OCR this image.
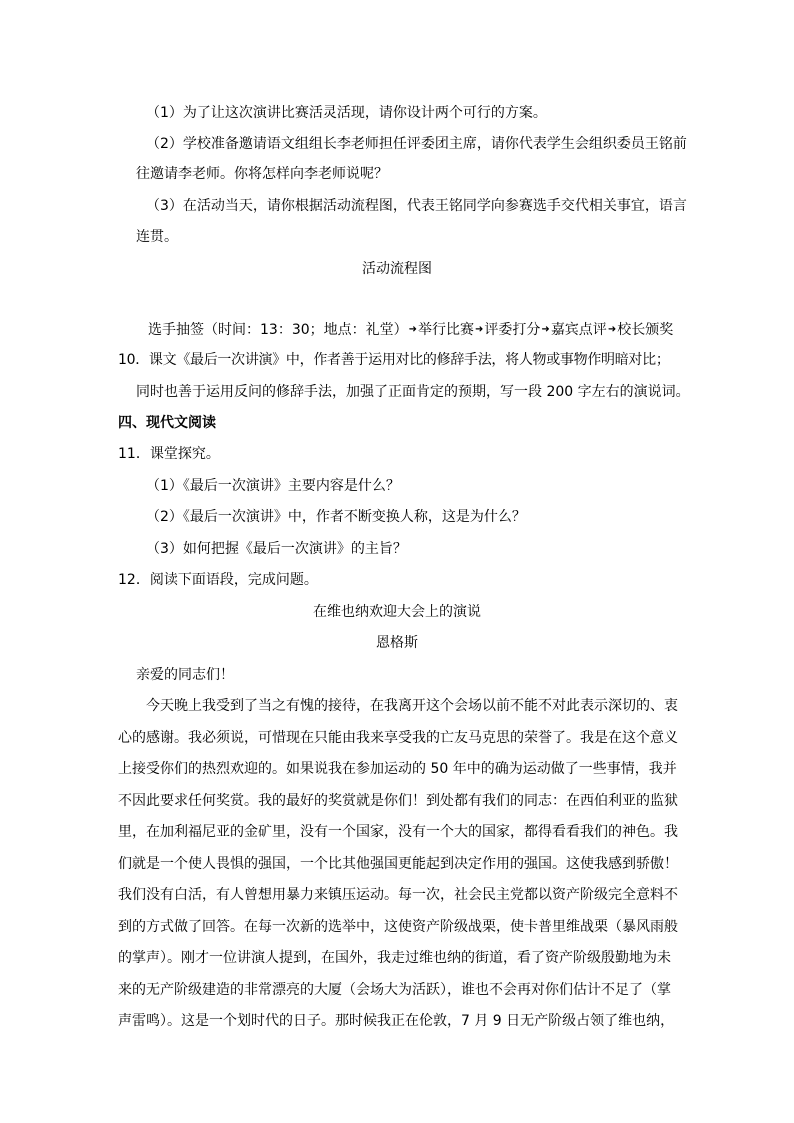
（1）为了让这次演讲比赛活灵活现，请你设计两个可行的方案。
（2）学校准备邀请语文组组长李老师担任评委团主席，请你代表学生会组织委员王铭前
往邀请李老师。你将怎样向李老师说呢？
（3）在活动当天，请你根据活动流程图，代表王铭同学向参赛选手交代相关事宜，语言
连贯。
活动流程图
选手抽签（时间：13：30；地点：礼堂）➜举行比赛➜评委打分➜嘉宾点评➜校长颁奖
10．课文《最后一次讲演》中，作者善于运用对比的修辞手法，将人物或事物作明暗对比；
同时也善于运用反问的修辞手法，加强了正面肯定的预期，写一段 200 字左右的演说词。
四、现代文阅读
11．课堂探究。
（1）《最后一次演讲》主要内容是什么？
（2）《最后一次演讲》中，作者不断变换人称，这是为什么？
（3）如何把握《最后一次演讲》的主旨？
12．阅读下面语段，完成问题。
在维也纳欢迎大会上的演说
恩格斯
亲爱的同志们！
今天晚上我受到了当之有愧的接待，在我离开这个会场以前不能不对此表示深切的、衷
心的感谢。我必须说，可惜现在只能由我来享受我的亡友马克思的荣誉了。我是在这个意义
上接受你们的热烈欢迎的。如果说我在参加运动的 50 年中的确为运动做了一些事情，我并
不因此要求任何奖赏。我的最好的奖赏就是你们！到处都有我们的同志：在西伯利亚的监狱
里，在加利福尼亚的金矿里，没有一个国家，没有一个大的国家，都得看看我们的神色。我
们就是一个使人畏惧的强国，一个比其他强国更能起到决定作用的强国。这使我感到骄傲！
我们没有白活，有人曾想用暴力来镇压运动。每一次，社会民主党都以资产阶级完全意料不
到的方式做了回答。在每一次新的选举中，这使资产阶级战栗，使卡普里维战栗（暴风雨般
的掌声）。刚才一位讲演人提到，在国外，我走过维也纳的街道，看了资产阶级殷勤地为未
来的无产阶级建造的非常漂亮的大厦（会场大为活跃），谁也不会再对你们估计不足了（掌
声雷鸣）。这是一个划时代的日子。那时候我正在伦敦，7 月 9 日无产阶级占领了维也纳，
